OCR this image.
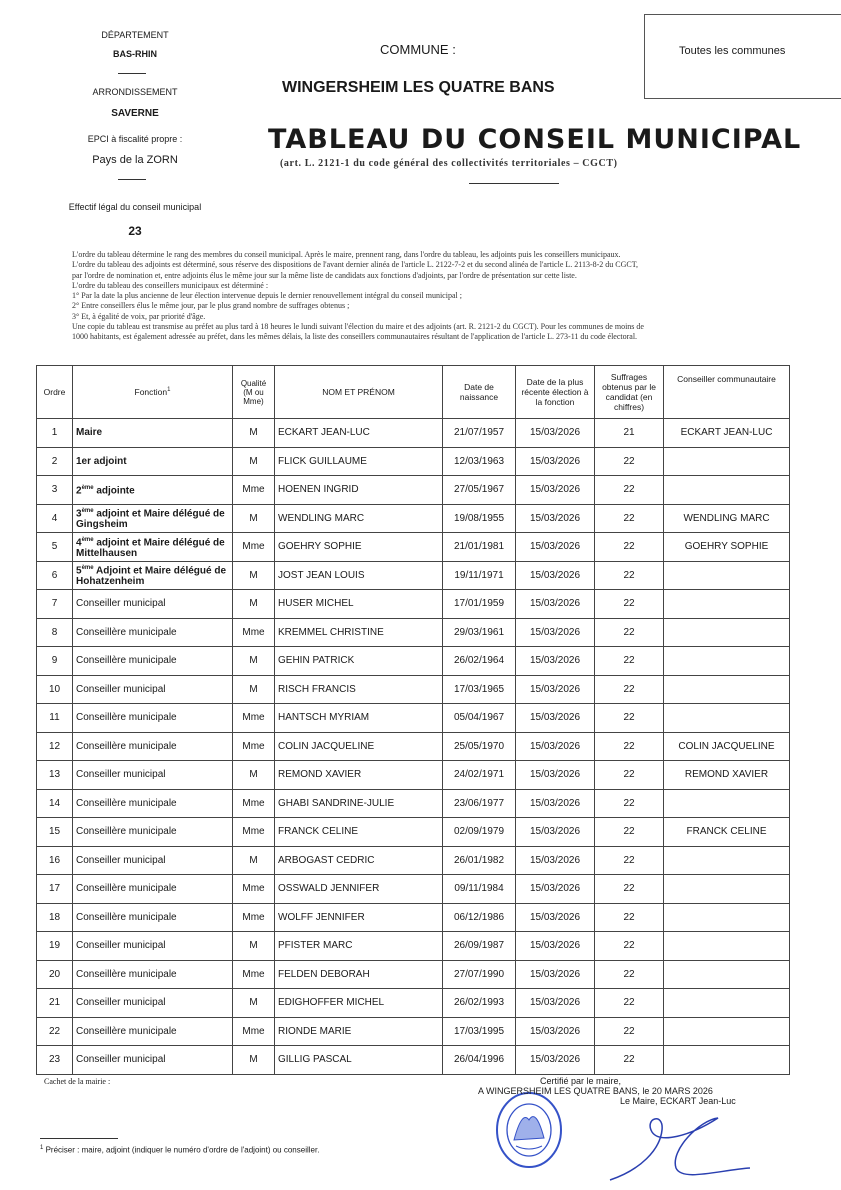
DÉPARTEMENT
BAS-RHIN
ARRONDISSEMENT
SAVERNE
EPCI à fiscalité propre :
Pays de la ZORN
Effectif légal du conseil municipal
23
COMMUNE :
WINGERSHEIM LES QUATRE BANS
TABLEAU DU CONSEIL MUNICIPAL
(art. L. 2121-1 du code général des collectivités territoriales – CGCT)
Toutes les communes
L'ordre du tableau détermine le rang des membres du conseil municipal. Après le maire, prennent rang, dans l'ordre du tableau, les adjoints puis les conseillers municipaux.
L'ordre du tableau des adjoints est déterminé, sous réserve des dispositions de l'avant dernier alinéa de l'article L. 2122-7-2 et du second alinéa de l'article L. 2113-8-2 du CGCT,
par l'ordre de nomination et, entre adjoints élus le même jour sur la même liste de candidats aux fonctions d'adjoints, par l'ordre de présentation sur cette liste.
L'ordre du tableau des conseillers municipaux est déterminé :
1° Par la date la plus ancienne de leur élection intervenue depuis le dernier renouvellement intégral du conseil municipal ;
2° Entre conseillers élus le même jour, par le plus grand nombre de suffrages obtenus ;
3° Et, à égalité de voix, par priorité d'âge.
Une copie du tableau est transmise au préfet au plus tard à 18 heures le lundi suivant l'élection du maire et des adjoints (art. R. 2121-2 du CGCT). Pour les communes de moins de
1000 habitants, est également adressée au préfet, dans les mêmes délais, la liste des conseillers communautaires résultant de l'application de l'article L. 273-11 du code électoral.
Ordre	Fonction$^1$	Qualité (M ou Mme)	NOM ET PRÉNOM	Date de naissance	Date de la plus récente élection à la fonction	Suffrages obtenus par le candidat (en chiffres)	Conseiller communautaire
1	Maire	M	ECKART JEAN-LUC	21/07/1957	15/03/2026	21	ECKART JEAN-LUC
2	1er adjoint	M	FLICK GUILLAUME	12/03/1963	15/03/2026	22	
3	2ème adjointe	Mme	HOENEN INGRID	27/05/1967	15/03/2026	22	
4	3ème adjoint et Maire délégué de Gingsheim	M	WENDLING MARC	19/08/1955	15/03/2026	22	WENDLING MARC
5	4ème adjoint et Maire délégué de Mittelhausen	Mme	GOEHRY SOPHIE	21/01/1981	15/03/2026	22	GOEHRY SOPHIE
6	5ème Adjoint et Maire délégué de Hohatzenheim	M	JOST JEAN LOUIS	19/11/1971	15/03/2026	22	
7	Conseiller municipal	M	HUSER MICHEL	17/01/1959	15/03/2026	22	
8	Conseillère municipale	Mme	KREMMEL CHRISTINE	29/03/1961	15/03/2026	22	
9	Conseillère municipale	M	GEHIN PATRICK	26/02/1964	15/03/2026	22	
10	Conseiller municipal	M	RISCH FRANCIS	17/03/1965	15/03/2026	22	
11	Conseillère municipale	Mme	HANTSCH MYRIAM	05/04/1967	15/03/2026	22	
12	Conseillère municipale	Mme	COLIN JACQUELINE	25/05/1970	15/03/2026	22	COLIN JACQUELINE
13	Conseiller municipal	M	REMOND XAVIER	24/02/1971	15/03/2026	22	REMOND XAVIER
14	Conseillère municipale	Mme	GHABI SANDRINE-JULIE	23/06/1977	15/03/2026	22	
15	Conseillère municipale	Mme	FRANCK CELINE	02/09/1979	15/03/2026	22	FRANCK CELINE
16	Conseiller municipal	M	ARBOGAST CEDRIC	26/01/1982	15/03/2026	22	
17	Conseillère municipale	Mme	OSSWALD JENNIFER	09/11/1984	15/03/2026	22	
18	Conseillère municipale	Mme	WOLFF JENNIFER	06/12/1986	15/03/2026	22	
19	Conseiller municipal	M	PFISTER MARC	26/09/1987	15/03/2026	22	
20	Conseillère municipale	Mme	FELDEN DEBORAH	27/07/1990	15/03/2026	22	
21	Conseiller municipal	M	EDIGHOFFER MICHEL	26/02/1993	15/03/2026	22	
22	Conseillère municipale	Mme	RIONDE MARIE	17/03/1995	15/03/2026	22	
23	Conseiller municipal	M	GILLIG PASCAL	26/04/1996	15/03/2026	22	
Cachet de la mairie :
$^1$ Préciser : maire, adjoint (indiquer le numéro d'ordre de l'adjoint) ou conseiller.
Certifié par le maire,
A WINGERSHEIM LES QUATRE BANS, le 20 MARS 2026
Le Maire, ECKART Jean-Luc
